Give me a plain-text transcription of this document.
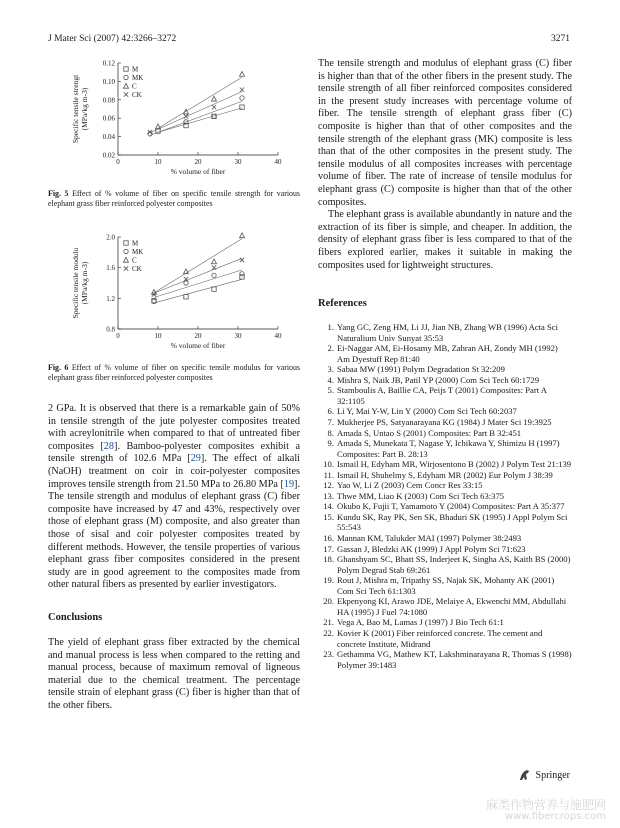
J Mater Sci (2007) 42:3266–3272	3271
0.02
0.04
0.06
0.08
0.10
0.12
0	10	20	30	40
% volume of fiber
Specific tensile strengt (MPa/kg m-3)
M
MK
C
CK

Fig. 5 Effect of % volume of fiber on specific tensile strength for various elephant grass fiber reinforced polyester composites

0.8
1.2
1.6
2.0
0	10	20	30	40
% volume of fiber
Specific tensile modulu (MPa/kg m-3)
M
MK
C
CK

Fig. 6 Effect of % volume of fiber on specific tensile modulus for various elephant grass fiber reinforced polyester composites

2 GPa. It is observed that there is a remarkable gain of 50% in tensile strength of the jute polyester composites treated with acreylonitrile when compared to that of untreated fiber composites [28]. Bamboo-polyester composites exhibit a tensile strength of 102.6 MPa [29]. The effect of alkali (NaOH) treatment on coir in coir-polyester composites improves tensile strength from 21.50 MPa to 26.80 MPa [19]. The tensile strength and modulus of elephant grass (C) fiber composite have increased by 47 and 43%, respectively over those of elephant grass (M) composite, and also greater than those of sisal and coir polyester composites treated by different methods. However, the tensile properties of various elephant grass fiber composites considered in the present study are in good agreement to the composites made from other natural fibers as presented by earlier investigators.

Conclusions

The yield of elephant grass fiber extracted by the chemical and manual process is less when compared to the retting and manual process, because of maximum removal of ligneous material due to the chemical treatment. The percentage tensile strain of elephant grass (C) fiber is higher than that of the other fibers.

The tensile strength and modulus of elephant grass (C) fiber is higher than that of the other fibers in the present study. The tensile strength of all fiber reinforced composites considered in the present study increases with percentage volume of fiber. The tensile strength of elephant grass fiber (C) composite is higher than that of other composites and the tensile strength of the elephant grass (MK) composite is less than that of the other composites in the present study. The tensile modulus of all composites increases with percentage volume of fiber. The rate of increase of tensile modulus for elephant grass (C) composite is higher than that of the other composites.

The elephant grass is available abundantly in nature and the extraction of its fiber is simple, and cheaper. In addition, the density of elephant grass fiber is less compared to that of the fibers explored earlier, makes it suitable in making the composites used for lightweight structures.

References
1. Yang GC, Zeng HM, Li JJ, Jian NB, Zhang WB (1996) Acta Sci Naturalium Univ Sunyat 35:53
2. Ei-Naggar AM, Ei-Hosamy MB, Zahran AH, Zondy MH (1992) Am Dyestuff Rep 81:40
3. Sabaa MW (1991) Polym Degradation St 32:209
4. Mishra S, Naik JB, Patil YP (2000) Com Sci Tech 60:1729
5. Stamboulis A, Baillie CA, Peijs T (2001) Composites: Part A 32:1105
6. Li Y, Mai Y-W, Lin Y (2000) Com Sci Tech 60:2037
7. Mukherjee PS, Satyanarayana KG (1984) J Mater Sci 19:3925
8. Amada S, Untao S (2001) Composites: Part B 32:451
9. Amada S, Munekata T, Nagase Y, Ichikawa Y, Shimizu H (1997) Composites: Part B. 28:13
10. Ismail H, Edyham MR, Wirjosentono B (2002) J Polym Test 21:139
11. Ismail H, Shuhelmy S, Edyham MR (2002) Eur Polym J 38:39
12. Yao W, Li Z (2003) Cem Concr Res 33:15
13. Thwe MM, Liao K (2003) Com Sci Tech 63:375
14. Okubo K, Fujii T, Yamamoto Y (2004) Composites: Part A 35:377
15. Kundu SK, Ray PK, Sen SK, Bhaduri SK (1995) J Appl Polym Sci 55:543
16. Mannan KM, Talukder MAI (1997) Polymer 38:2493
17. Gassan J, Bledzki AK (1999) J Appl Polym Sci 71:623
18. Ghanshyam SC, Bhatt SS, Inderjeet K, Singha AS, Kaith BS (2000) Polym Degrad Stab 69:261
19. Rout J, Mishra m, Tripathy SS, Najak SK, Mohanty AK (2001) Com Sci Tech 61:1303
20. Ekpenyong KI, Arawo JDE, Melaiye A, Ekwenchi MM, Abdullahi HA (1995) J Fuel 74:1080
21. Vega A, Bao M, Lamas J (1997) J Bio Tech 61:1
22. Kovier K (2001) Fiber reinforced concrete. The cement and concrete Institute, Midrand
23. Gethamma VG, Mathew KT, Lakshminarayana R, Thomas S (1998) Polymer 39:1483
Springer
麻类作物营养与施肥网
www.fibercrops.com
